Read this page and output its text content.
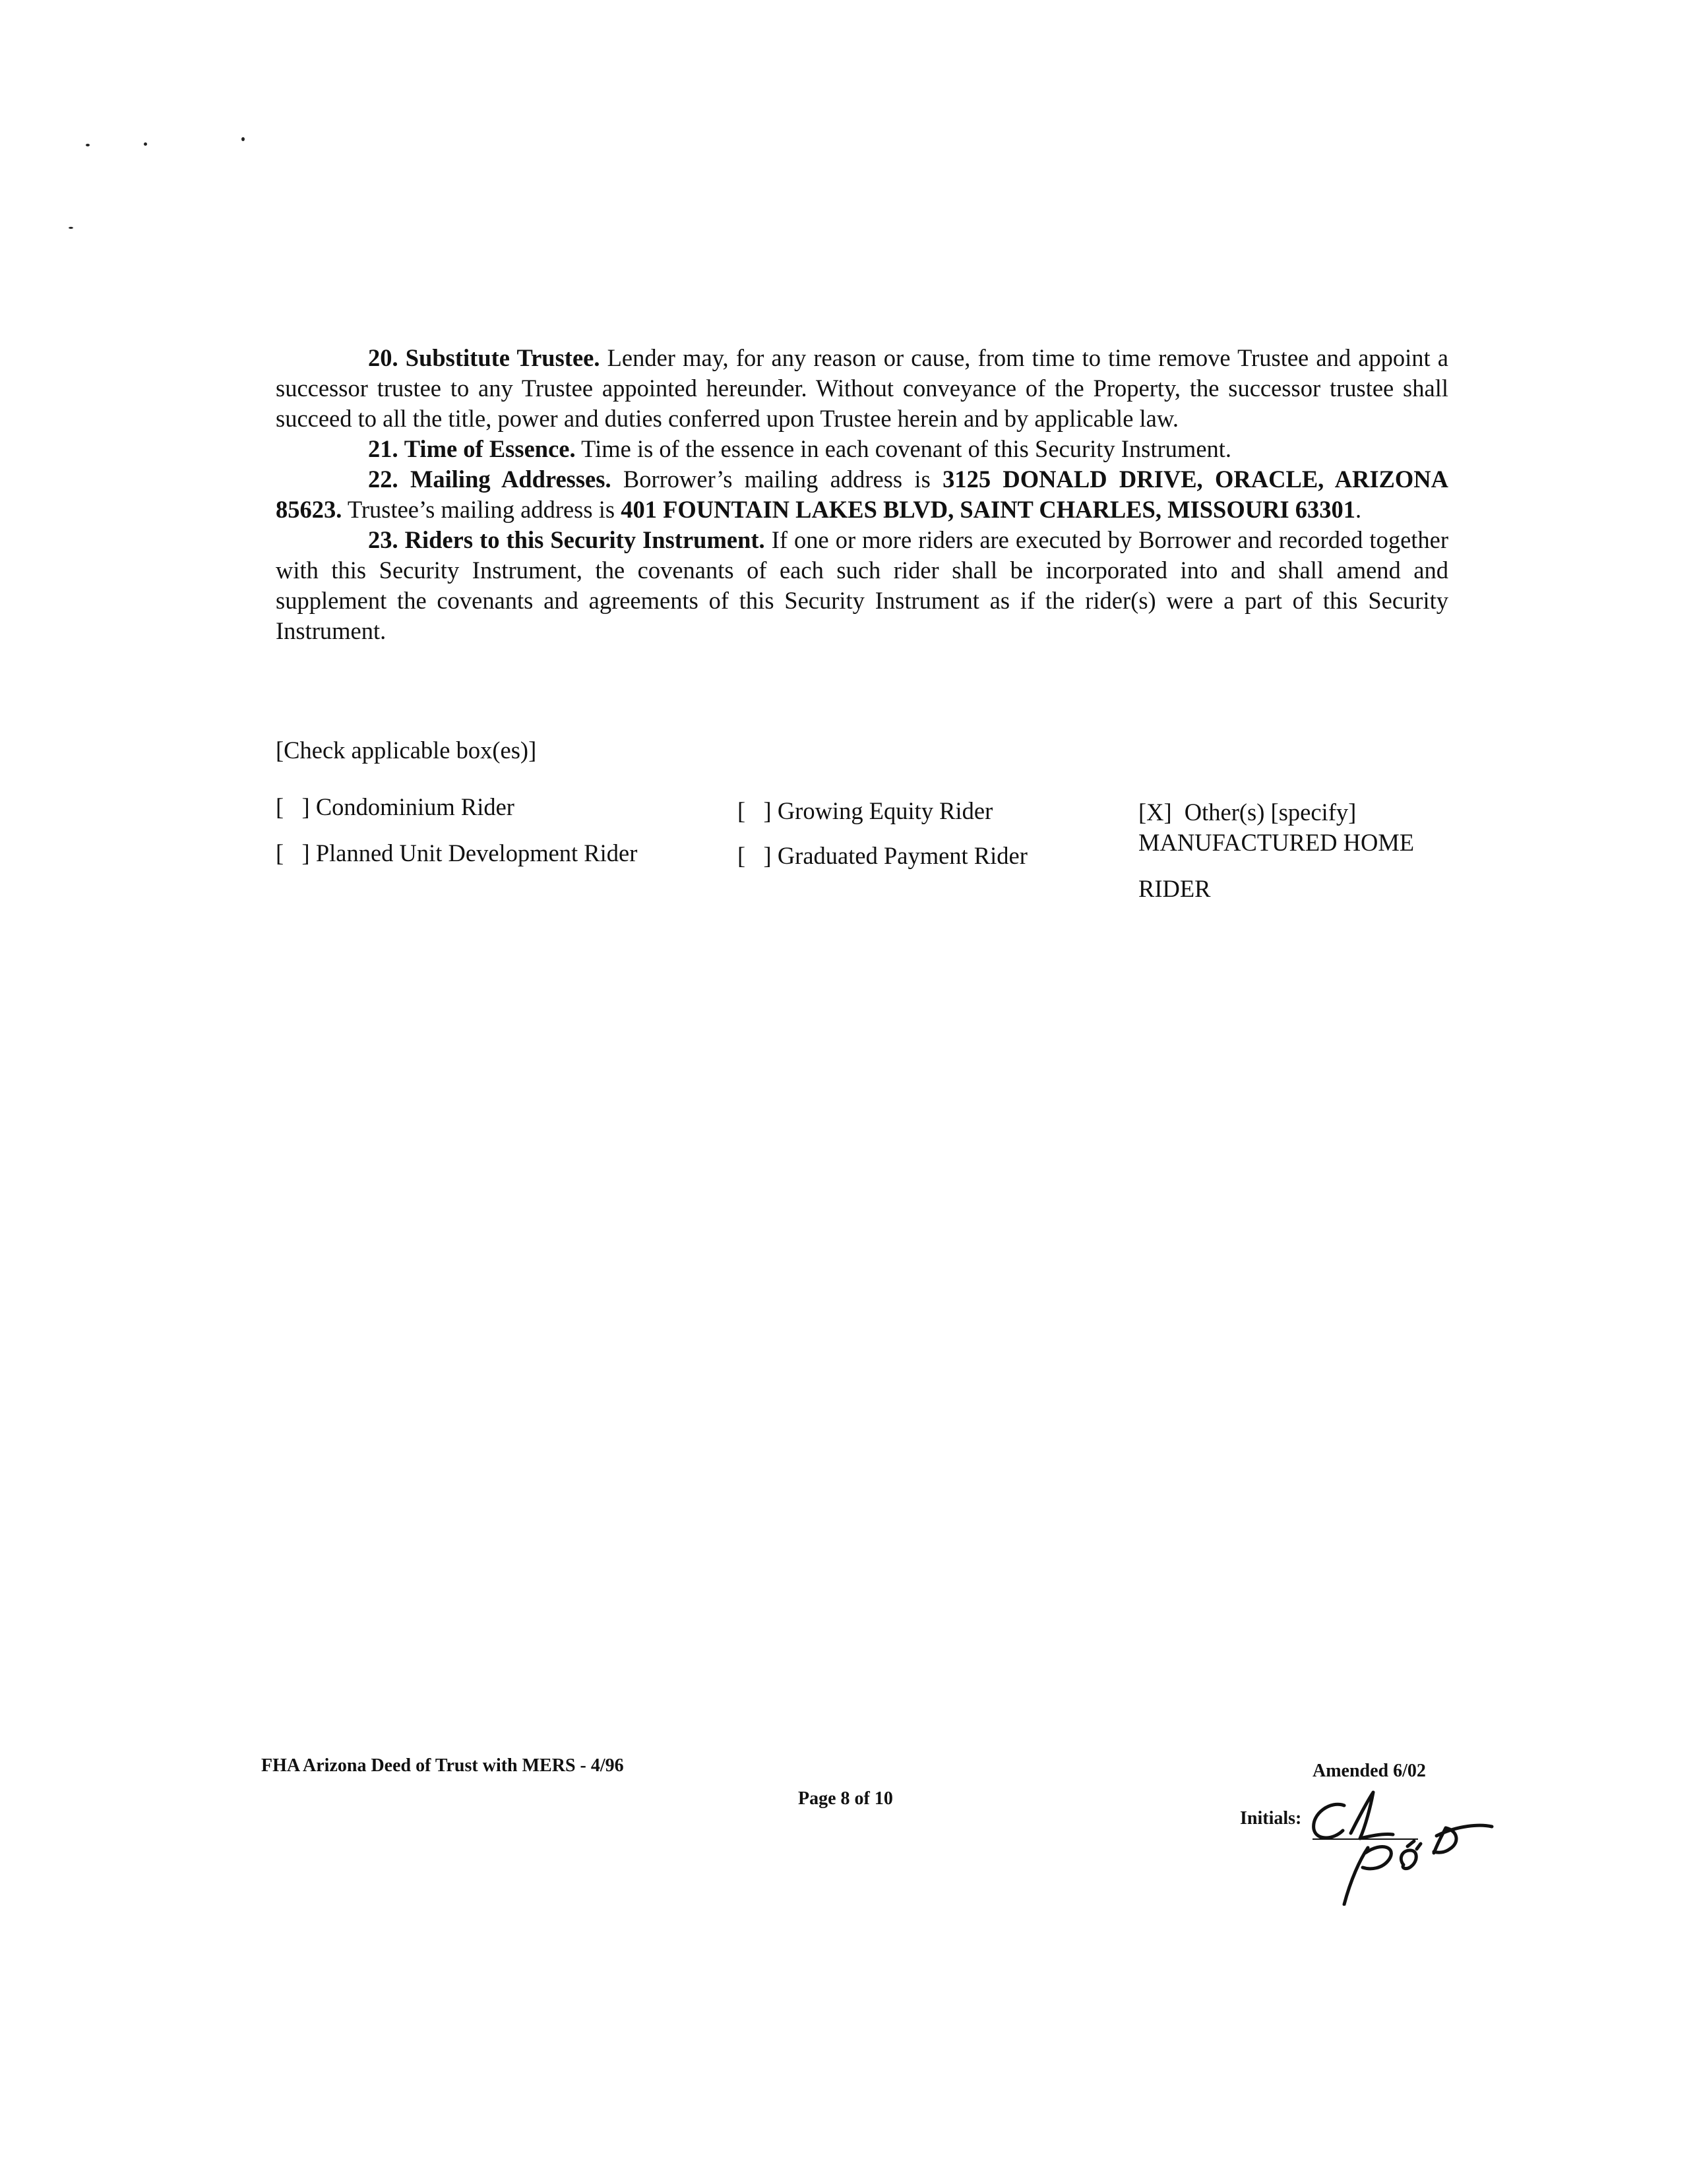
20. Substitute Trustee. Lender may, for any reason or cause, from time to time remove Trustee and appoint a successor trustee to any Trustee appointed hereunder. Without conveyance of the Property, the successor trustee shall succeed to all the title, power and duties conferred upon Trustee herein and by applicable law.

21. Time of Essence. Time is of the essence in each covenant of this Security Instrument.

22. Mailing Addresses. Borrower’s mailing address is 3125 DONALD DRIVE, ORACLE, ARIZONA 85623. Trustee’s mailing address is 401 FOUNTAIN LAKES BLVD, SAINT CHARLES, MISSOURI 63301.

23. Riders to this Security Instrument. If one or more riders are executed by Borrower and recorded together with this Security Instrument, the covenants of each such rider shall be incorporated into and shall amend and supplement the covenants and agreements of this Security Instrument as if the rider(s) were a part of this Security Instrument.

[Check applicable box(es)]
[   ] Condominium Rider
[   ] Planned Unit Development Rider
[   ] Growing Equity Rider
[   ] Graduated Payment Rider
[X] Other(s) [specify]
MANUFACTURED HOME
RIDER
FHA Arizona Deed of Trust with MERS - 4/96
Page 8 of 10
Amended 6/02
Initials:
